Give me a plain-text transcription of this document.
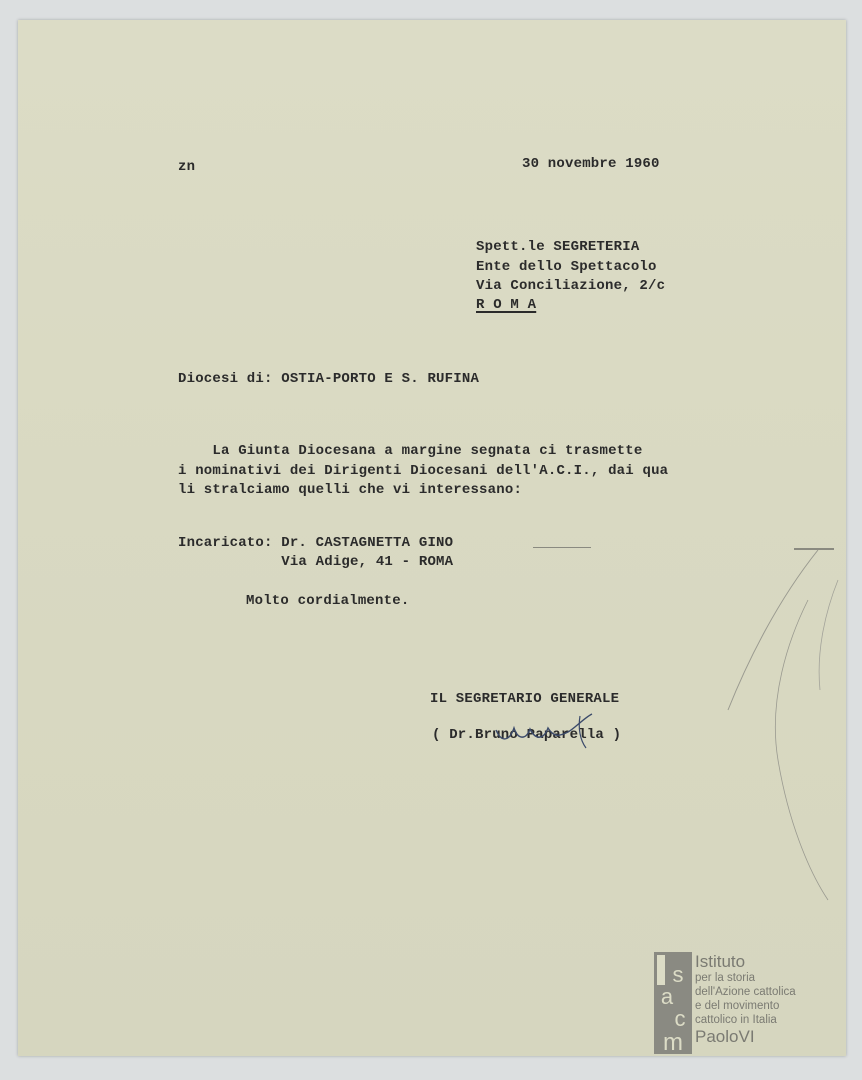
zn	30 novembre 1960
Spett.le SEGRETERIA
Ente dello Spettacolo
Via Conciliazione, 2/c
R O M A
Diocesi di: OSTIA-PORTO E S. RUFINA
La Giunta Diocesana a margine segnata ci trasmette
i nominativi dei Dirigenti Diocesani dell'A.C.I., dai qua
li stralciamo quelli che vi interessano:
Incaricato: Dr. CASTAGNETTA GINO
Via Adige, 41 - ROMA
Molto cordialmente.
IL SEGRETARIO GENERALE
( Dr.Bruno Paparella )
s
a
c
m
Istituto
per la storia
dell'Azione cattolica
e del movimento
cattolico in Italia
PaoloVI
